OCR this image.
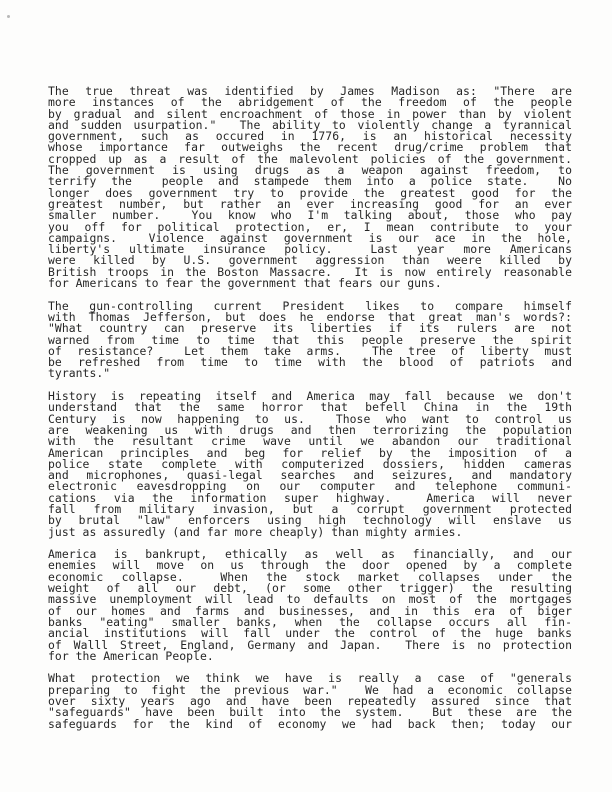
The true threat was identified by James Madison as: "There are
more instances of the abridgement of the freedom of the people
by gradual and silent encroachment of those in power than by violent
and sudden usurpation."  The ability to violently change a tyrannical
government, such as occured in 1776, is an historical necessity
whose importance far outweighs the recent drug/crime problem that
cropped up as a result of the malevolent policies of the government.
The government is using drugs as a weapon against freedom, to
terrify the  people and stampede them into a police state.  No
longer does government try to provide the greatest good for the
greatest number, but rather an ever increasing good for an ever
smaller number.  You know who I'm talking about, those who pay
you off for political protection, er, I mean contribute to your
campaigns.  Violence against government is our ace in the hole,
liberty's ultimate insurance policy.  Last year more Americans
were killed by U.S. government aggression than weere killed by
British troops in the Boston Massacre.  It is now entirely reasonable
for Americans to fear the government that fears our guns.
The gun-controlling current President likes to compare himself
with Thomas Jefferson, but does he endorse that great man's words?:
"What country can preserve its liberties if its rulers are not
warned from time to time that this people preserve the spirit
of resistance?  Let them take arms.  The tree of liberty must
be refreshed from time to time with the blood of patriots and
tyrants."
History is repeating itself and America may fall because we don't
understand that the same horror that befell China in the 19th
Century is now happening to us.  Those who want to control us
are weakening us with drugs and then terrorizing the population
with the resultant crime wave until we abandon our traditional
American principles and beg for relief by the imposition of a
police state complete with computerized dossiers, hidden cameras
and microphones, quasi-legal searches and seizures, and mandatory
electronic eavesdropping on our computer and telephone communi-
cations via the information super highway.  America will never
fall from military invasion, but a corrupt government protected
by brutal "law" enforcers using high technology will enslave us
just as assuredly (and far more cheaply) than mighty armies.
America is bankrupt, ethically as well as financially, and our
enemies will move on us through the door opened by a complete
economic collapse.  When the stock market collapses under the
weight of all our debt, (or some other trigger) the resulting
massive unemployment will lead to defaults on most of the mortgages
of our homes and farms and businesses, and in this era of biger
banks "eating" smaller banks, when the collapse occurs all fin-
ancial institutions will fall under the control of the huge banks
of Walll Street, England, Germany and Japan.  There is no protection
for the American People.
What protection we think we have is really a case of "generals
preparing to fight the previous war."  We had a economic collapse
over sixty years ago and have been repeatedly assured since that
"safeguards" have been built into the system.  But these are the
safeguards for the kind of economy we had back then; today our
